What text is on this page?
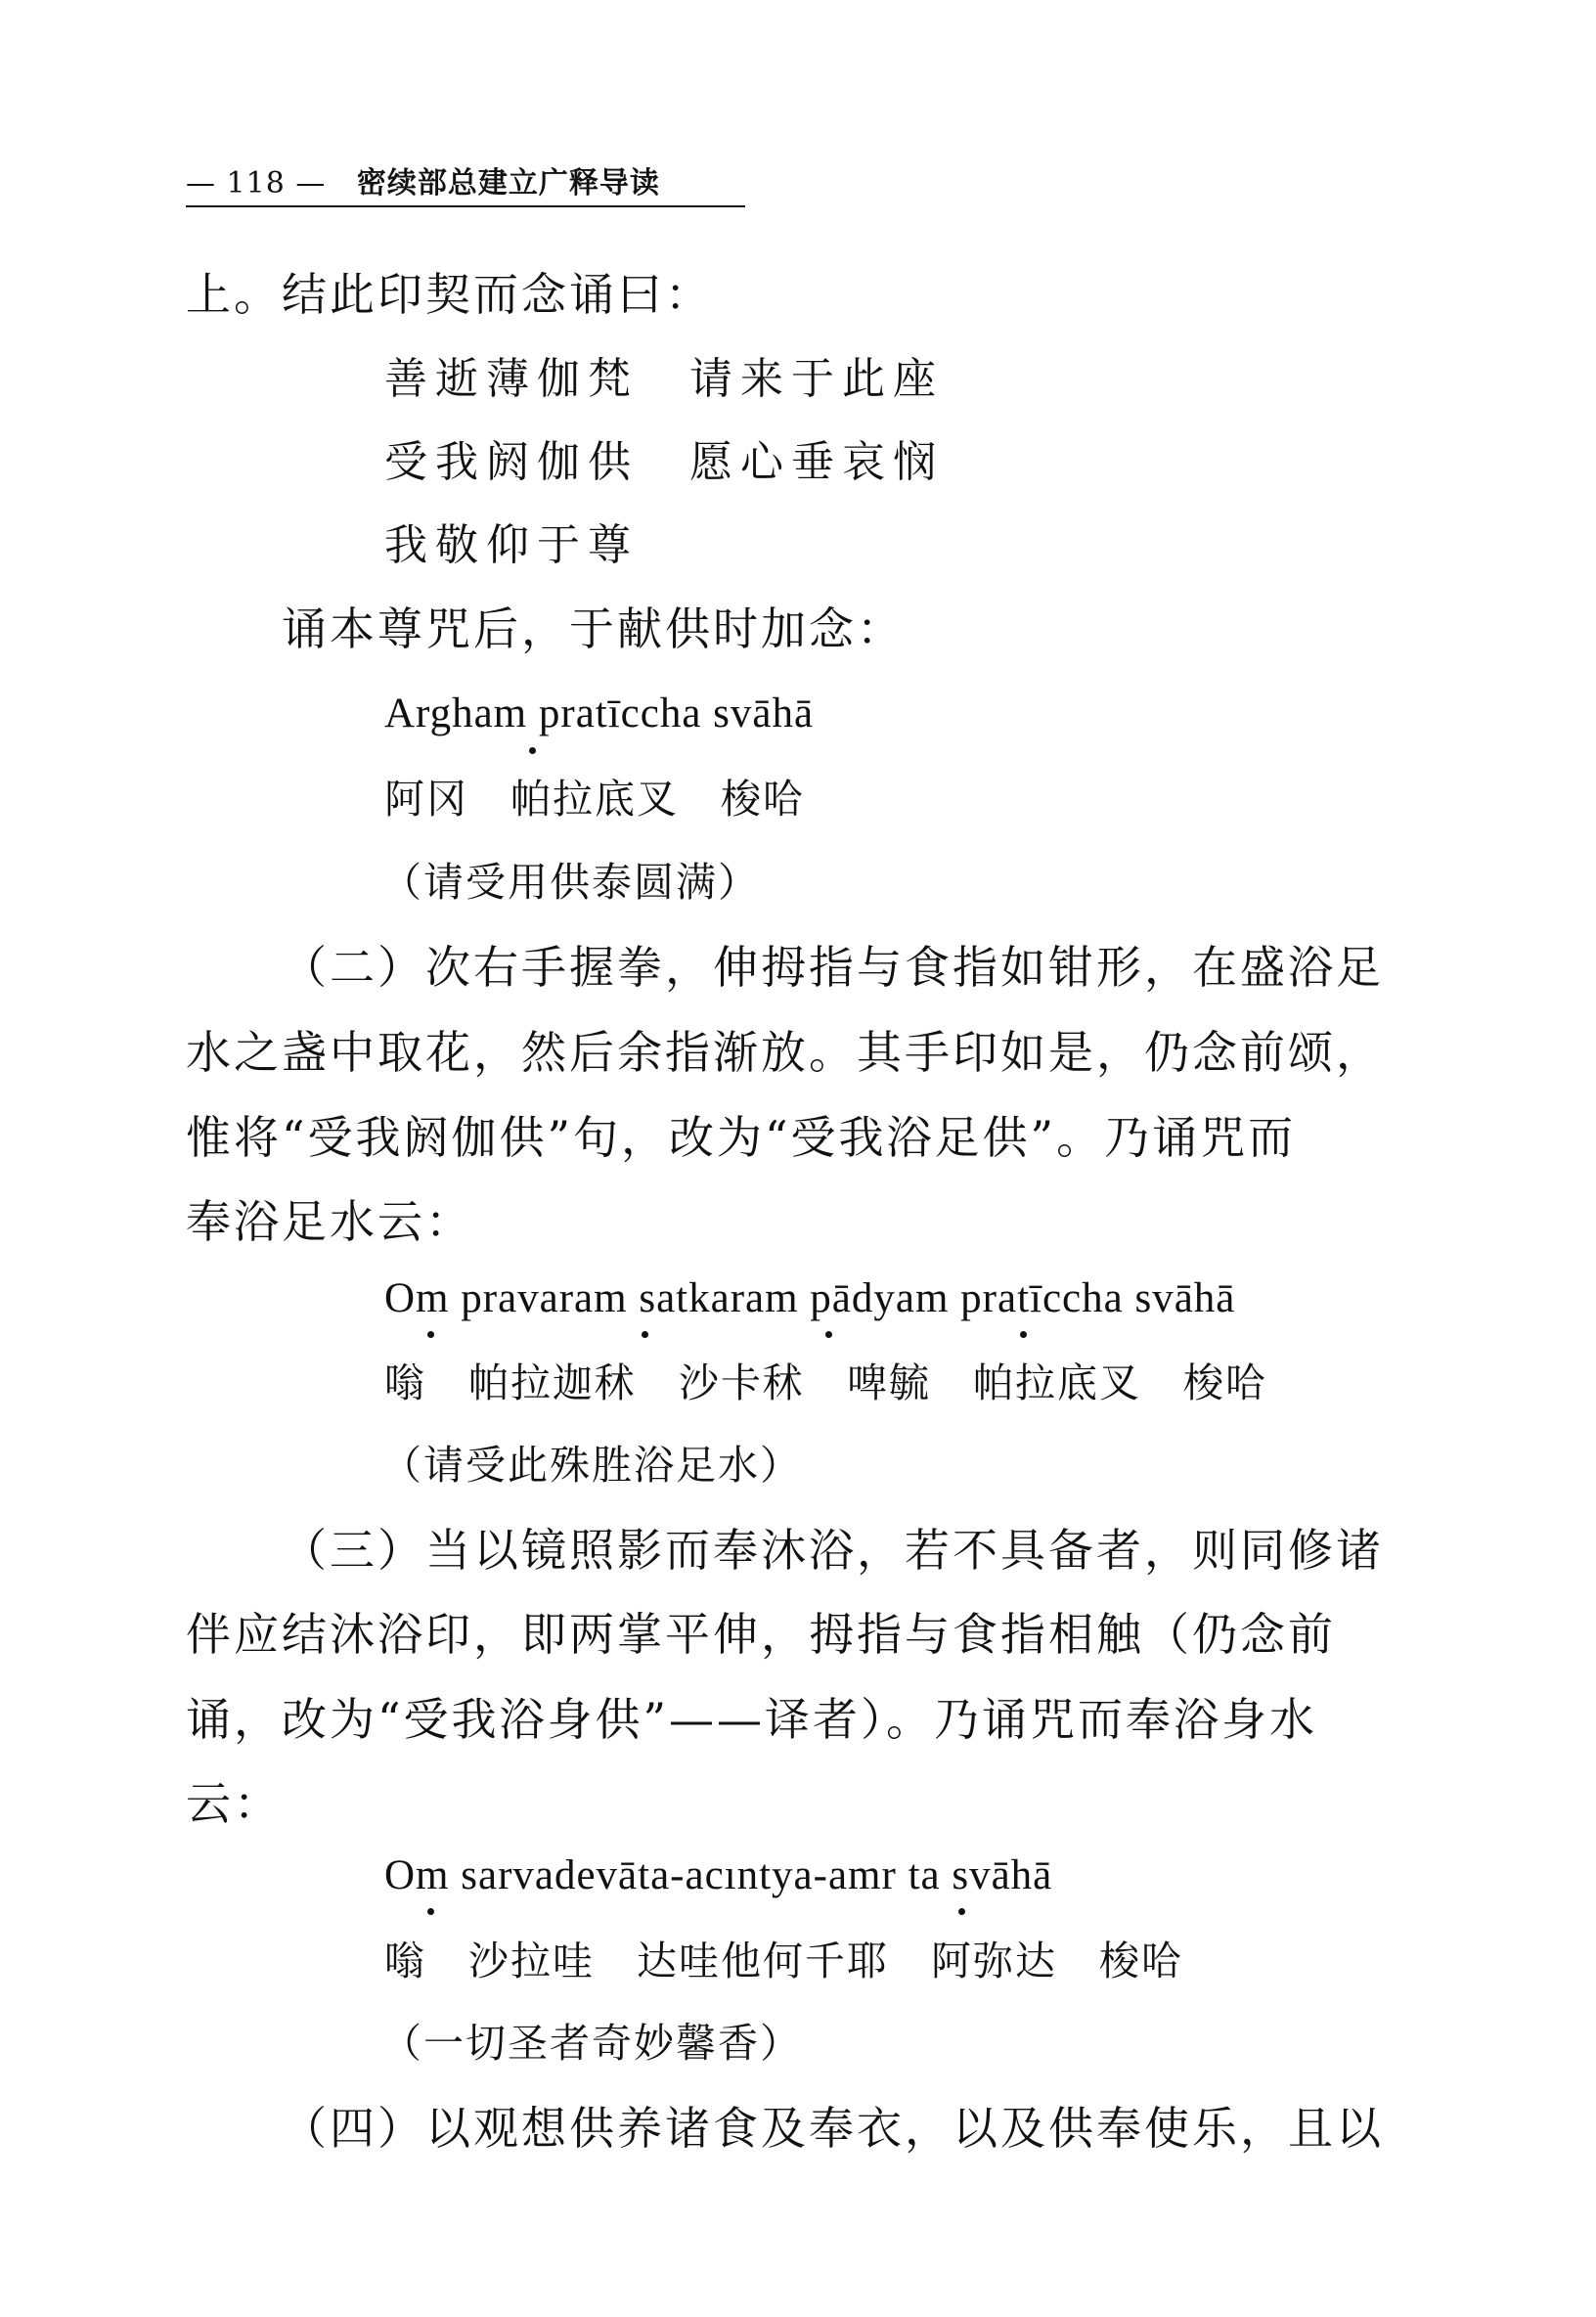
— 118 — 密续部总建立广释导读
上。结此印契而念诵曰：
善逝薄伽梵　请来于此座
受我阏伽供　愿心垂哀悯
我敬仰于尊
诵本尊咒后，于献供时加念：
Argham pratīccha svāhā
阿冈　帕拉底叉　梭哈
（请受用供泰圆满）
（二）次右手握拳，伸拇指与食指如钳形，在盛浴足
水之盏中取花，然后余指渐放。其手印如是，仍念前颂，
惟将“受我阏伽供”句，改为“受我浴足供”。乃诵咒而
奉浴足水云：
Om pravaram satkaram pādyam pratīccha svāhā
嗡　帕拉迦秫　沙卡秫　啤毓　帕拉底叉　梭哈
（请受此殊胜浴足水）
（三）当以镜照影而奉沐浴，若不具备者，则同修诸
伴应结沐浴印，即两掌平伸，拇指与食指相触（仍念前
诵，改为“受我浴身供”——译者）。乃诵咒而奉浴身水
云：
Om sarvadevāta-acıntya-amr ta svāhā
嗡　沙拉哇　达哇他何千耶　阿弥达　梭哈
（一切圣者奇妙馨香）
（四）以观想供养诸食及奉衣，以及供奉使乐，且以
